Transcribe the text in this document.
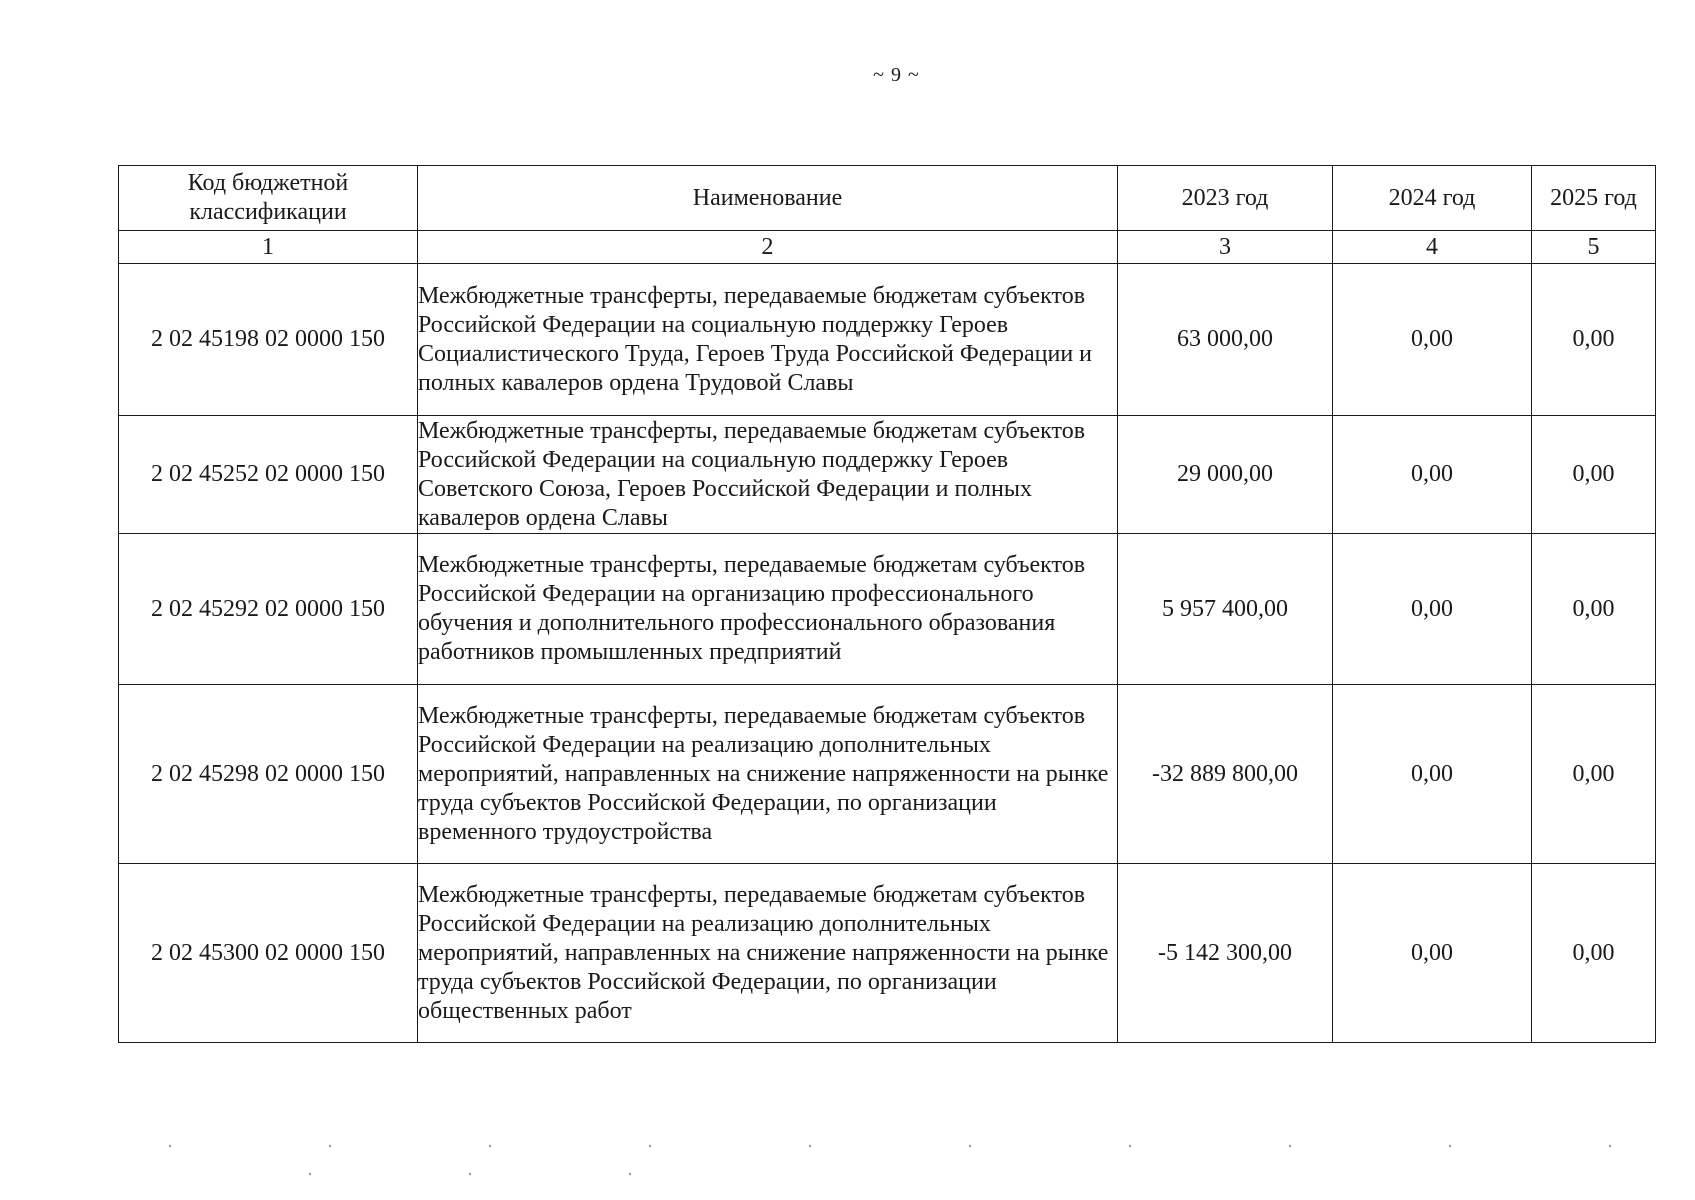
~ 9 ~
Код бюджетной классификации	Наименование	2023 год	2024 год	2025 год
1	2	3	4	5
2 02 45198 02 0000 150	Межбюджетные трансферты, передаваемые бюджетам субъектов Российской Федерации на социальную поддержку Героев Социалистического Труда, Героев Труда Российской Федерации и полных кавалеров ордена Трудовой Славы	63 000,00	0,00	0,00
2 02 45252 02 0000 150	Межбюджетные трансферты, передаваемые бюджетам субъектов Российской Федерации на социальную поддержку Героев Советского Союза, Героев Российской Федерации и полных кавалеров ордена Славы	29 000,00	0,00	0,00
2 02 45292 02 0000 150	Межбюджетные трансферты, передаваемые бюджетам субъектов Российской Федерации на организацию профессионального обучения и дополнительного профессионального образования работников промышленных предприятий	5 957 400,00	0,00	0,00
2 02 45298 02 0000 150	Межбюджетные трансферты, передаваемые бюджетам субъектов Российской Федерации на реализацию дополнительных мероприятий, направленных на снижение напряженности на рынке труда субъектов Российской Федерации, по организации временного трудоустройства	-32 889 800,00	0,00	0,00
2 02 45300 02 0000 150	Межбюджетные трансферты, передаваемые бюджетам субъектов Российской Федерации на реализацию дополнительных мероприятий, направленных на снижение напряженности на рынке труда субъектов Российской Федерации, по организации общественных работ	-5 142 300,00	0,00	0,00
